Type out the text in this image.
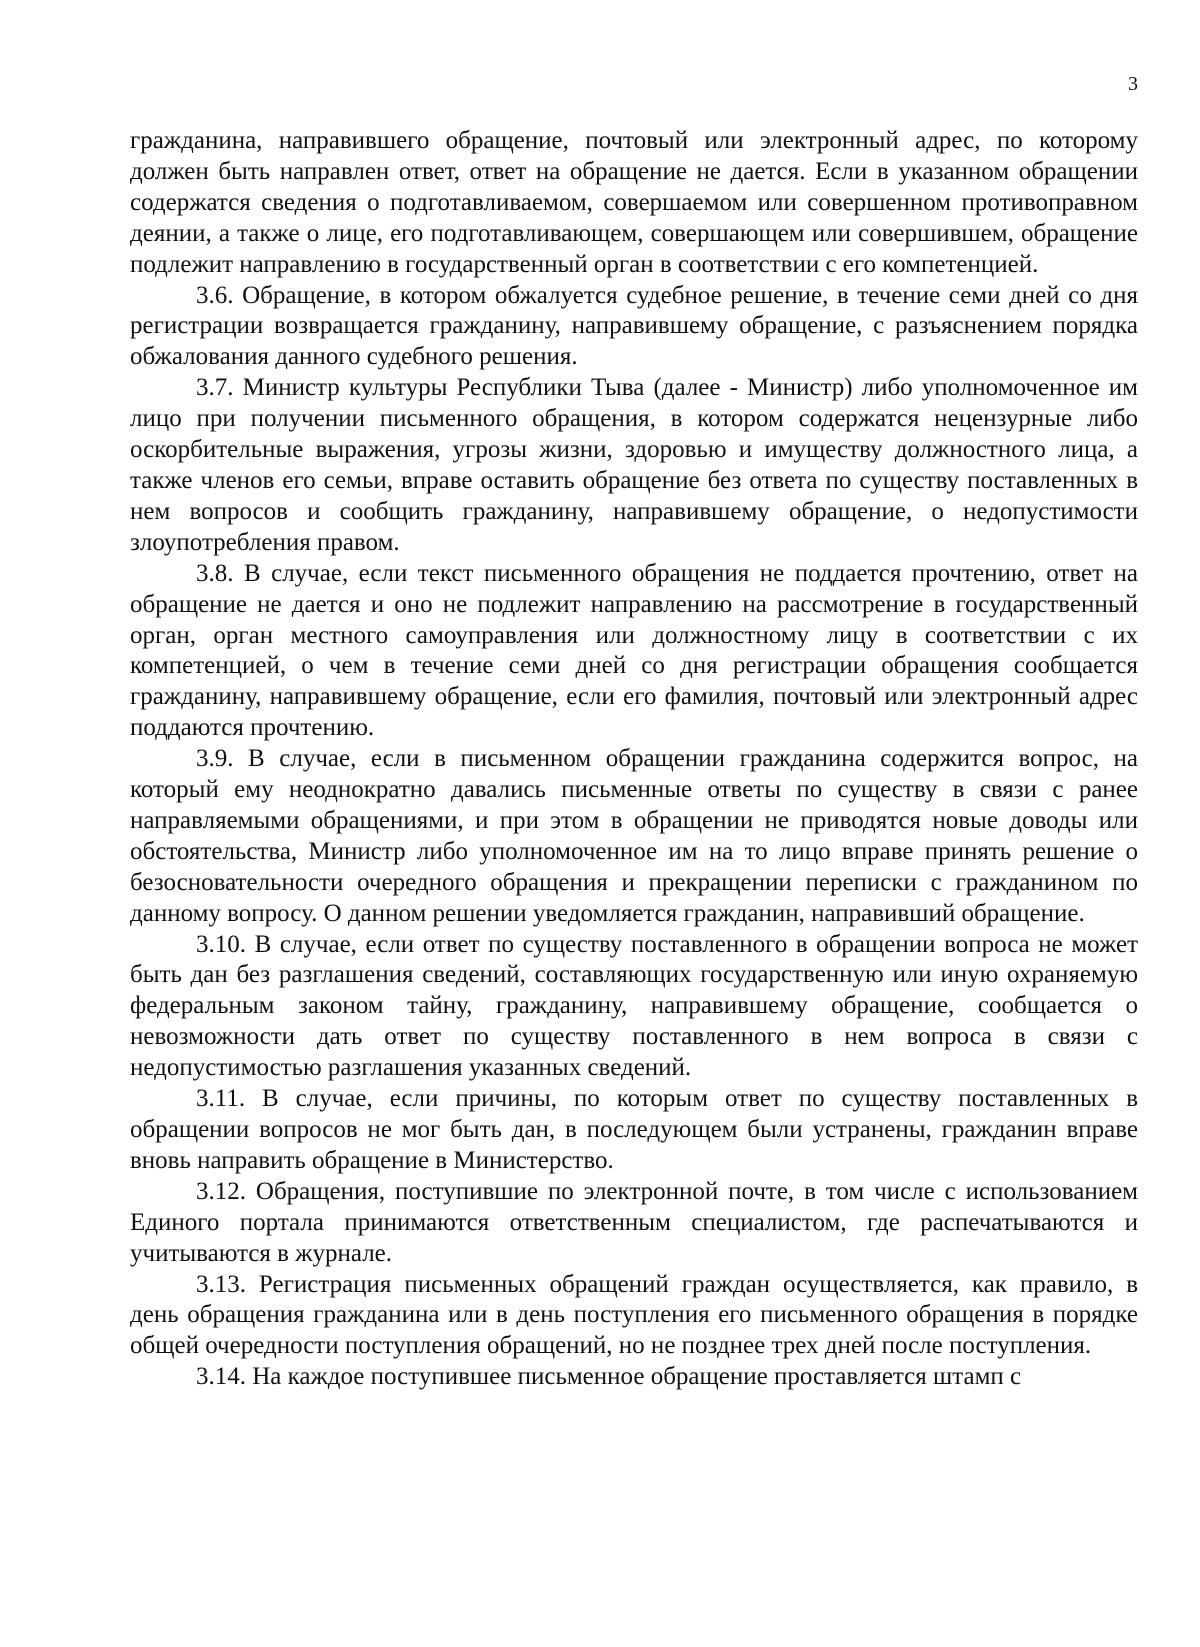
3

гражданина, направившего обращение, почтовый или электронный адрес, по которому должен быть направлен ответ, ответ на обращение не дается. Если в указанном обращении содержатся сведения о подготавливаемом, совершаемом или совершенном противоправном деянии, а также о лице, его подготавливающем, совершающем или совершившем, обращение подлежит направлению в государственный орган в соответствии с его компетенцией.

3.6. Обращение, в котором обжалуется судебное решение, в течение семи дней со дня регистрации возвращается гражданину, направившему обращение, с разъяснением порядка обжалования данного судебного решения.

3.7. Министр культуры Республики Тыва (далее - Министр) либо уполномоченное им лицо при получении письменного обращения, в котором содержатся нецензурные либо оскорбительные выражения, угрозы жизни, здоровью и имуществу должностного лица, а также членов его семьи, вправе оставить обращение без ответа по существу поставленных в нем вопросов и сообщить гражданину, направившему обращение, о недопустимости злоупотребления правом.

3.8. В случае, если текст письменного обращения не поддается прочтению, ответ на обращение не дается и оно не подлежит направлению на рассмотрение в государственный орган, орган местного самоуправления или должностному лицу в соответствии с их компетенцией, о чем в течение семи дней со дня регистрации обращения сообщается гражданину, направившему обращение, если его фамилия, почтовый или электронный адрес поддаются прочтению.

3.9. В случае, если в письменном обращении гражданина содержится вопрос, на который ему неоднократно давались письменные ответы по существу в связи с ранее направляемыми обращениями, и при этом в обращении не приводятся новые доводы или обстоятельства, Министр либо уполномоченное им на то лицо вправе принять решение о безосновательности очередного обращения и прекращении переписки с гражданином по данному вопросу. О данном решении уведомляется гражданин, направивший обращение.

3.10. В случае, если ответ по существу поставленного в обращении вопроса не может быть дан без разглашения сведений, составляющих государственную или иную охраняемую федеральным законом тайну, гражданину, направившему обращение, сообщается о невозможности дать ответ по существу поставленного в нем вопроса в связи с недопустимостью разглашения указанных сведений.

3.11. В случае, если причины, по которым ответ по существу поставленных в обращении вопросов не мог быть дан, в последующем были устранены, гражданин вправе вновь направить обращение в Министерство.

3.12. Обращения, поступившие по электронной почте, в том числе с использованием Единого портала принимаются ответственным специалистом, где распечатываются и учитываются в журнале.

3.13. Регистрация письменных обращений граждан осуществляется, как правило, в день обращения гражданина или в день поступления его письменного обращения в порядке общей очередности поступления обращений, но не позднее трех дней после поступления.

3.14. На каждое поступившее письменное обращение проставляется штамп с
